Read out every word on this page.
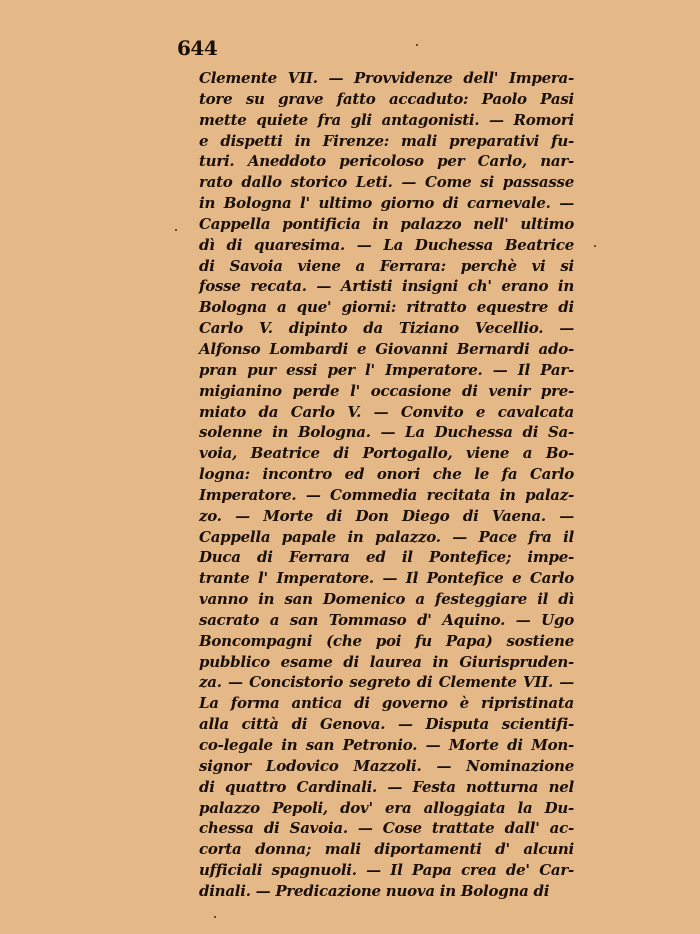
644
Clemente VII. — Provvidenze dell' Impera-
tore su grave fatto accaduto: Paolo Pasi
mette quiete fra gli antagonisti. — Romori
e dispetti in Firenze: mali preparativi fu-
turi. Aneddoto pericoloso per Carlo, nar-
rato dallo storico Leti. — Come si passasse
in Bologna l' ultimo giorno di carnevale. —
Cappella pontificia in palazzo nell' ultimo
dì di quaresima. — La Duchessa Beatrice
di Savoia viene a Ferrara: perchè vi si
fosse recata. — Artisti insigni ch' erano in
Bologna a que' giorni: ritratto equestre di
Carlo V. dipinto da Tiziano Vecellio. —
Alfonso Lombardi e Giovanni Bernardi ado-
pran pur essi per l' Imperatore. — Il Par-
migianino perde l' occasione di venir pre-
miato da Carlo V. — Convito e cavalcata
solenne in Bologna. — La Duchessa di Sa-
voia, Beatrice di Portogallo, viene a Bo-
logna: incontro ed onori che le fa Carlo
Imperatore. — Commedia recitata in palaz-
zo. — Morte di Don Diego di Vaena. —
Cappella papale in palazzo. — Pace fra il
Duca di Ferrara ed il Pontefice; impe-
trante l' Imperatore. — Il Pontefice e Carlo
vanno in san Domenico a festeggiare il dì
sacrato a san Tommaso d' Aquino. — Ugo
Boncompagni (che poi fu Papa) sostiene
pubblico esame di laurea in Giurispruden-
za. — Concistorio segreto di Clemente VII. —
La forma antica di governo è ripristinata
alla città di Genova. — Disputa scientifi-
co-legale in san Petronio. — Morte di Mon-
signor Lodovico Mazzoli. — Nominazione
di quattro Cardinali. — Festa notturna nel
palazzo Pepoli, dov' era alloggiata la Du-
chessa di Savoia. — Cose trattate dall' ac-
corta donna; mali diportamenti d' alcuni
ufficiali spagnuoli. — Il Papa crea de' Car-
dinali. — Predicazione nuova in Bologna di
